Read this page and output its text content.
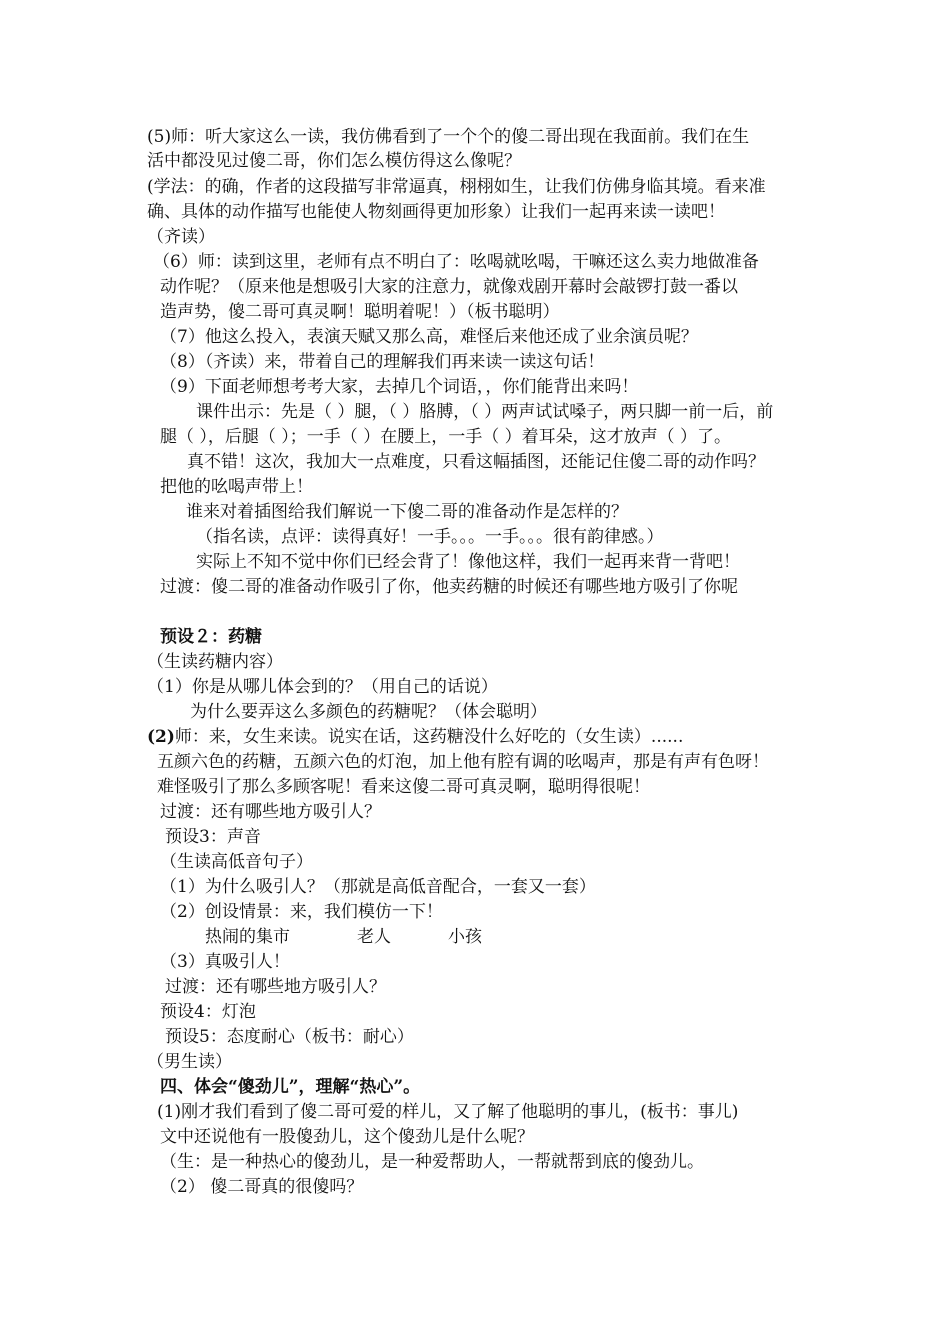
(5)师：听大家这么一读，我仿佛看到了一个个的傻二哥出现在我面前。我们在生
活中都没见过傻二哥，你们怎么模仿得这么像呢？
(学法：的确，作者的这段描写非常逼真，栩栩如生，让我们仿佛身临其境。看来准
确、具体的动作描写也能使人物刻画得更加形象）让我们一起再来读一读吧！
（齐读）
（6）师：读到这里，老师有点不明白了：吆喝就吆喝，干嘛还这么卖力地做准备
动作呢？（原来他是想吸引大家的注意力，就像戏剧开幕时会敲锣打鼓一番以
造声势，傻二哥可真灵啊！聪明着呢！）（板书聪明）
（7）他这么投入，表演天赋又那么高，难怪后来他还成了业余演员呢？
（8）（齐读）来，带着自己的理解我们再来读一读这句话！
（9）下面老师想考考大家，去掉几个词语，，你们能背出来吗！
课件出示：先是（ ）腿，（ ）胳膊，（ ）两声试试嗓子，两只脚一前一后，前
腿（ ），后腿（ ）；一手（ ）在腰上，一手（ ）着耳朵，这才放声（ ）了。
真不错！这次，我加大一点难度，只看这幅插图，还能记住傻二哥的动作吗？
把他的吆喝声带上！
谁来对着插图给我们解说一下傻二哥的准备动作是怎样的？
（指名读，点评：读得真好！一手。。。一手。。。很有韵律感。）
实际上不知不觉中你们已经会背了！像他这样，我们一起再来背一背吧！
过渡：傻二哥的准备动作吸引了你，他卖药糖的时候还有哪些地方吸引了你呢
预设２：药糖
（生读药糖内容）
（1）你是从哪儿体会到的？（用自己的话说）
为什么要弄这么多颜色的药糖呢？（体会聪明）
(2)师：来，女生来读。说实在话，这药糖没什么好吃的（女生读）......
五颜六色的药糖，五颜六色的灯泡，加上他有腔有调的吆喝声，那是有声有色呀！
难怪吸引了那么多顾客呢！看来这傻二哥可真灵啊，聪明得很呢！
过渡：还有哪些地方吸引人？
预设3：声音
（生读高低音句子）
（1）为什么吸引人？（那就是高低音配合，一套又一套）
（2）创设情景：来，我们模仿一下！
热闹的集市	老人	小孩
（3）真吸引人！
过渡：还有哪些地方吸引人？
预设4：灯泡
预设5：态度耐心（板书：耐心）
（男生读）
四、体会“傻劲儿”，理解“热心”。
(1)刚才我们看到了傻二哥可爱的样儿，又了解了他聪明的事儿，(板书：事儿)
文中还说他有一股傻劲儿，这个傻劲儿是什么呢？
（生：是一种热心的傻劲儿，是一种爱帮助人，一帮就帮到底的傻劲儿。
（2） 傻二哥真的很傻吗？
